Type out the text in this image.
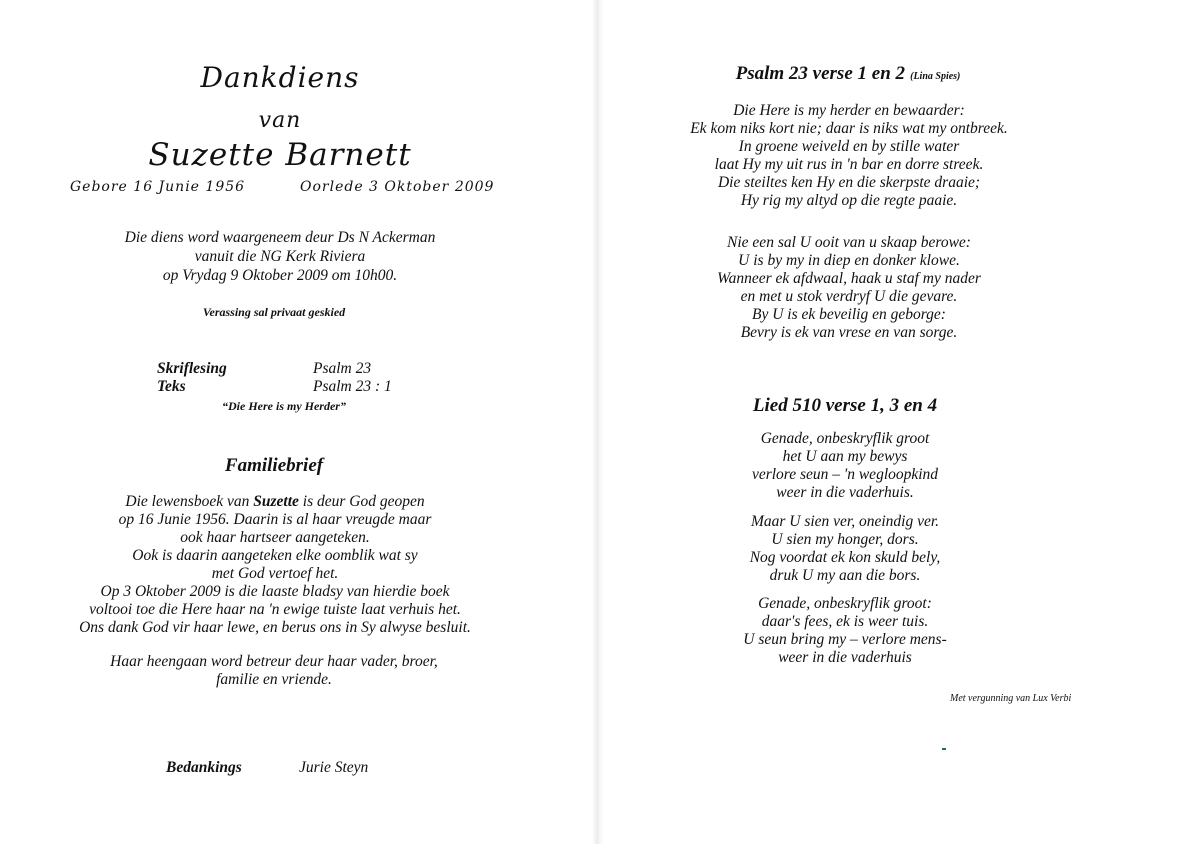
Dankdiens
van
Suzette Barnett
Gebore 16 Junie 1956	Oorlede 3 Oktober 2009
Die diens word waargeneem deur Ds N Ackerman
vanuit die NG Kerk Riviera
op Vrydag 9 Oktober 2009 om 10h00.
Verassing sal privaat geskied
Skriflesing	Psalm 23
Teks	Psalm 23 : 1
“Die Here is my Herder”
Familiebrief
Die lewensboek van Suzette is deur God geopen
op 16 Junie 1956. Daarin is al haar vreugde maar
ook haar hartseer aangeteken.
Ook is daarin aangeteken elke oomblik wat sy
met God vertoef het.
Op 3 Oktober 2009 is die laaste bladsy van hierdie boek
voltooi toe die Here haar na 'n ewige tuiste laat verhuis het.
Ons dank God vir haar lewe, en berus ons in Sy alwyse besluit.
Haar heengaan word betreur deur haar vader, broer,
familie en vriende.
Bedankings	Jurie Steyn
Psalm 23 verse 1 en 2 (Lina Spies)
Die Here is my herder en bewaarder:
Ek kom niks kort nie; daar is niks wat my ontbreek.
In groene weiveld en by stille water
laat Hy my uit rus in 'n bar en dorre streek.
Die steiltes ken Hy en die skerpste draaie;
Hy rig my altyd op die regte paaie.
Nie een sal U ooit van u skaap berowe:
U is by my in diep en donker klowe.
Wanneer ek afdwaal, haak u staf my nader
en met u stok verdryf U die gevare.
By U is ek beveilig en geborge:
Bevry is ek van vrese en van sorge.
Lied 510 verse 1, 3 en 4
Genade, onbeskryflik groot
het U aan my bewys
verlore seun – 'n wegloopkind
weer in die vaderhuis.
Maar U sien ver, oneindig ver.
U sien my honger, dors.
Nog voordat ek kon skuld bely,
druk U my aan die bors.
Genade, onbeskryflik groot:
daar's fees, ek is weer tuis.
U seun bring my – verlore mens-
weer in die vaderhuis
Met vergunning van Lux Verbi
